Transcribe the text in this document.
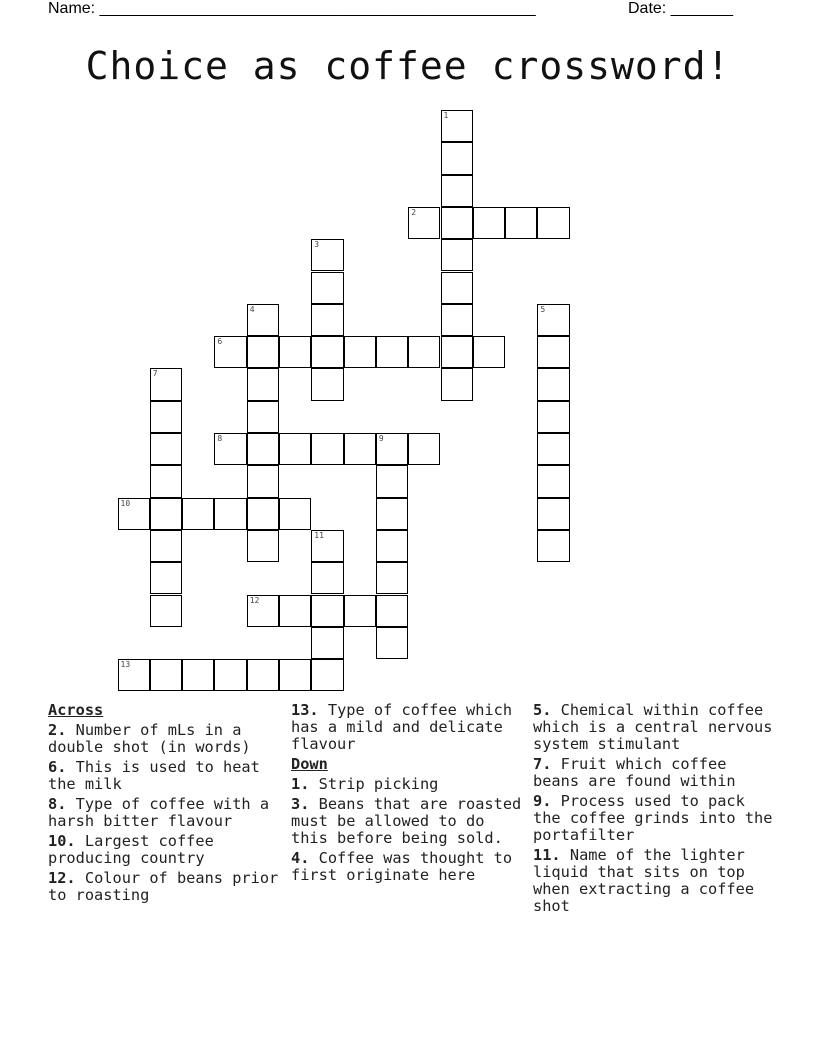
Name: _________________________________________________	Date: _______
Choice as coffee crossword!
1
2
3
4	5
6
7
8	9
10
11
12
13
Across
2. Number of mLs in a double shot (in words)
6. This is used to heat the milk
8. Type of coffee with a harsh bitter flavour
10. Largest coffee producing country
12. Colour of beans prior to roasting
13. Type of coffee which has a mild and delicate flavour
Down
1. Strip picking
3. Beans that are roasted must be allowed to do this before being sold.
4. Coffee was thought to first originate here
5. Chemical within coffee which is a central nervous system stimulant
7. Fruit which coffee beans are found within
9. Process used to pack the coffee grinds into the portafilter
11. Name of the lighter liquid that sits on top when extracting a coffee shot
